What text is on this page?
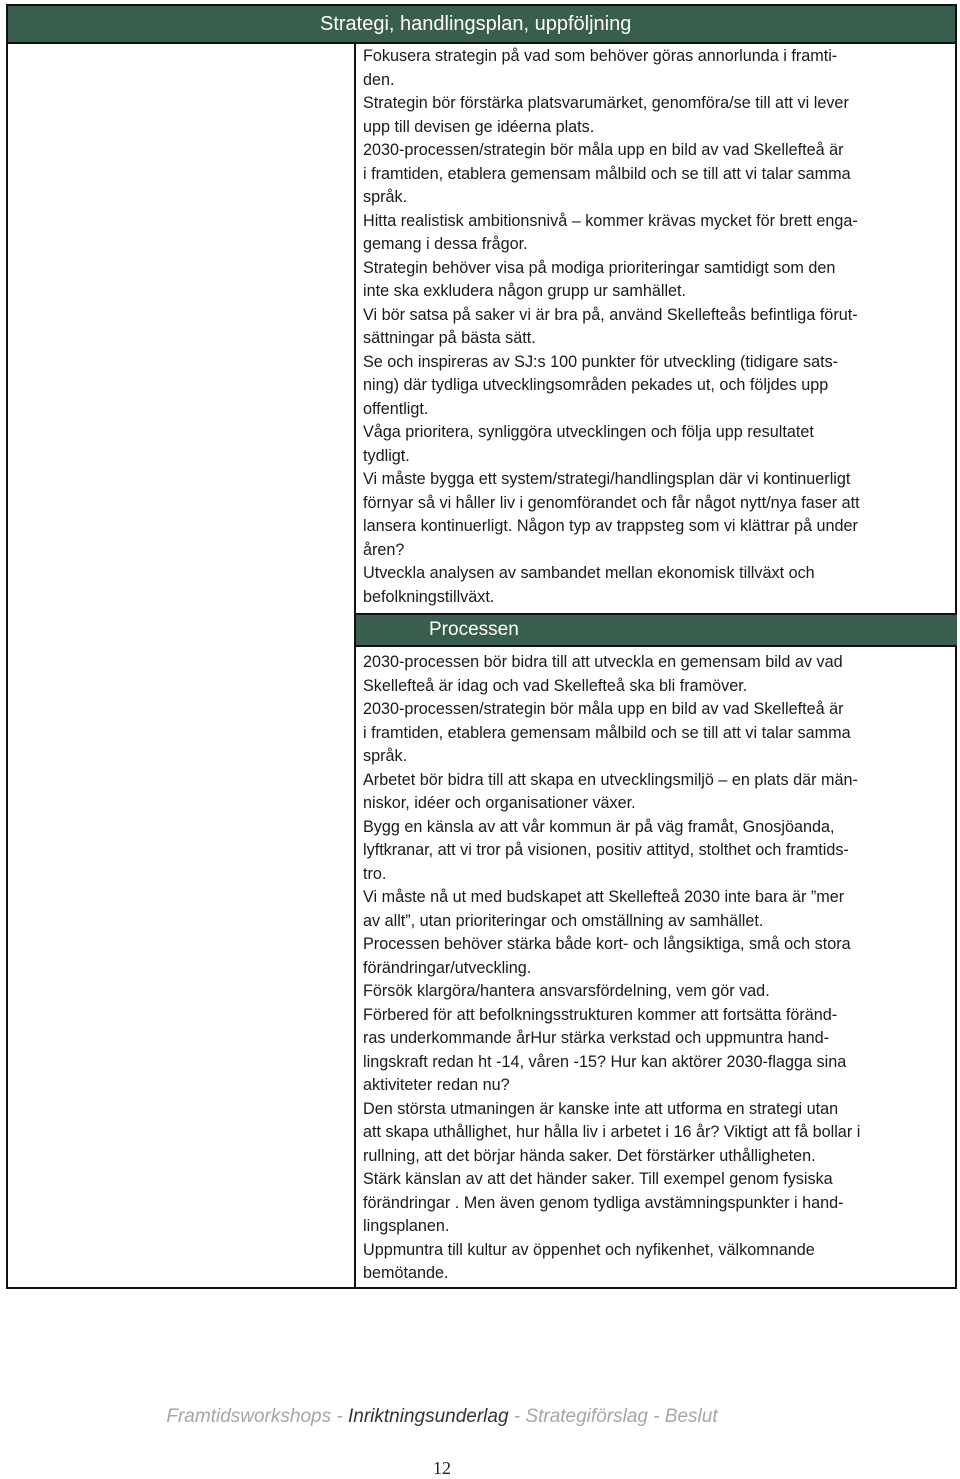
Strategi, handlingsplan, uppföljning

Fokusera strategin på vad som behöver göras annorlunda i framti-

den.

Strategin bör förstärka platsvarumärket, genomföra/se till att vi lever

upp till devisen ge idéerna plats.

2030-processen/strategin bör måla upp en bild av vad Skellefteå är

i framtiden, etablera gemensam målbild och se till att vi talar samma

språk.

Hitta realistisk ambitionsnivå – kommer krävas mycket för brett enga-

gemang i dessa frågor.

Strategin behöver visa på modiga prioriteringar samtidigt som den

inte ska exkludera någon grupp ur samhället.

Vi bör satsa på saker vi är bra på, använd Skellefteås befintliga förut-

sättningar på bästa sätt.

Se och inspireras av SJ:s 100 punkter för utveckling (tidigare sats-

ning) där tydliga utvecklingsområden pekades ut, och följdes upp

offentligt.

Våga prioritera, synliggöra utvecklingen och följa upp resultatet

tydligt.

Vi måste bygga ett system/strategi/handlingsplan där vi kontinuerligt

förnyar så vi håller liv i genomförandet och får något nytt/nya faser att

lansera kontinuerligt. Någon typ av trappsteg som vi klättrar på under

åren?

Utveckla analysen av sambandet mellan ekonomisk tillväxt och

befolkningstillväxt.

Processen

2030-processen bör bidra till att utveckla en gemensam bild av vad

Skellefteå är idag och vad Skellefteå ska bli framöver.

2030-processen/strategin bör måla upp en bild av vad Skellefteå är

i framtiden, etablera gemensam målbild och se till att vi talar samma

språk.

Arbetet bör bidra till att skapa en utvecklingsmiljö – en plats där män-

niskor, idéer och organisationer växer.

Bygg en känsla av att vår kommun är på väg framåt, Gnosjöanda,

lyftkranar, att vi tror på visionen, positiv attityd, stolthet och framtids-

tro.

Vi måste nå ut med budskapet att Skellefteå 2030 inte bara är ”mer

av allt”, utan prioriteringar och omställning av samhället.

Processen behöver stärka både kort- och långsiktiga, små och stora

förändringar/utveckling.

Försök klargöra/hantera ansvarsfördelning, vem gör vad.

Förbered för att befolkningsstrukturen kommer att fortsätta föränd-

ras underkommande årHur stärka verkstad och uppmuntra hand-

lingskraft redan ht -14, våren -15? Hur kan aktörer 2030-flagga sina

aktiviteter redan nu?

Den största utmaningen är kanske inte att utforma en strategi utan

att skapa uthållighet, hur hålla liv i arbetet i 16 år? Viktigt att få bollar i

rullning, att det börjar hända saker. Det förstärker uthålligheten.

Stärk känslan av att det händer saker. Till exempel genom fysiska

förändringar . Men även genom tydliga avstämningspunkter i hand-

lingsplanen.

Uppmuntra till kultur av öppenhet och nyfikenhet, välkomnande

bemötande.

Framtidsworkshops - Inriktningsunderlag - Strategiförslag - Beslut
12
